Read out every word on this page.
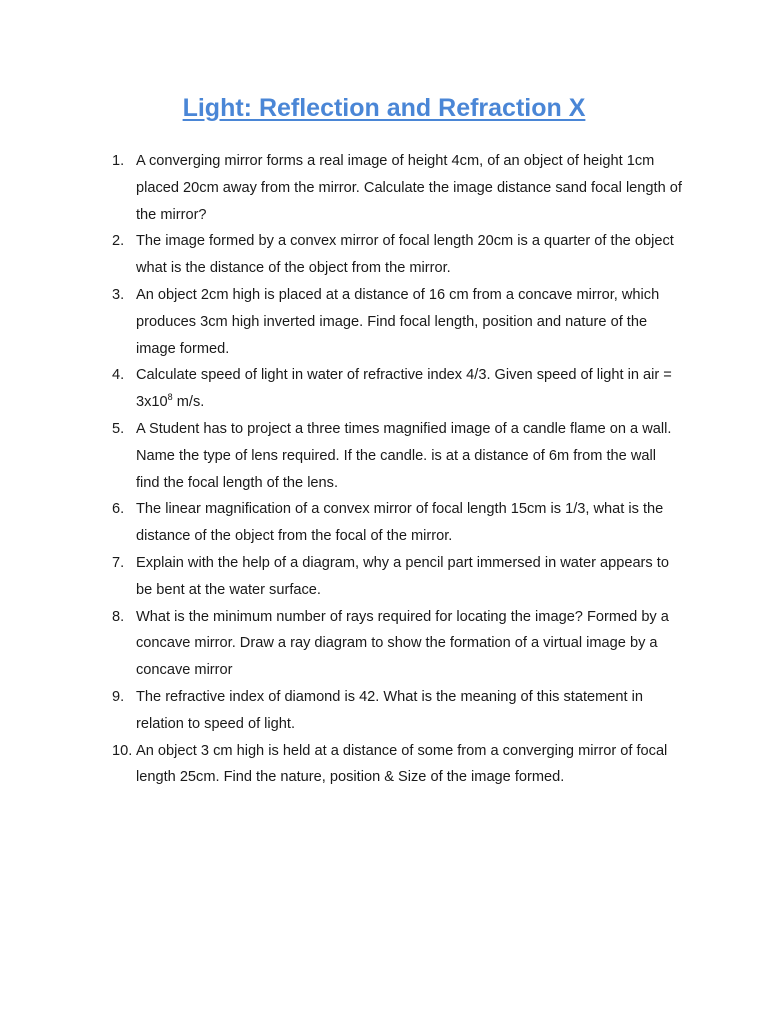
Light: Reflection and Refraction X
1. A converging mirror forms a real image of height 4cm, of an object of height 1cm placed 20cm away from the mirror. Calculate the image distance sand focal length of the mirror?
2. The image formed by a convex mirror of focal length 20cm is a quarter of the object what is the distance of the object from the mirror.
3. An object 2cm high is placed at a distance of 16 cm from a concave mirror, which produces 3cm high inverted image. Find focal length, position and nature of the image formed.
4. Calculate speed of light in water of refractive index 4/3. Given speed of light in air = $3x10^8$ m/s.
5. A Student has to project a three times magnified image of a candle flame on a wall. Name the type of lens required. If the candle. is at a distance of 6m from the wall find the focal length of the lens.
6. The linear magnification of a convex mirror of focal length 15cm is 1/3, what is the distance of the object from the focal of the mirror.
7. Explain with the help of a diagram, why a pencil part immersed in water appears to be bent at the water surface.
8. What is the minimum number of rays required for locating the image? Formed by a concave mirror. Draw a ray diagram to show the formation of a virtual image by a concave mirror
9. The refractive index of diamond is 42. What is the meaning of this statement in relation to speed of light.
10. An object 3 cm high is held at a distance of some from a converging mirror of focal length 25cm. Find the nature, position & Size of the image formed.
